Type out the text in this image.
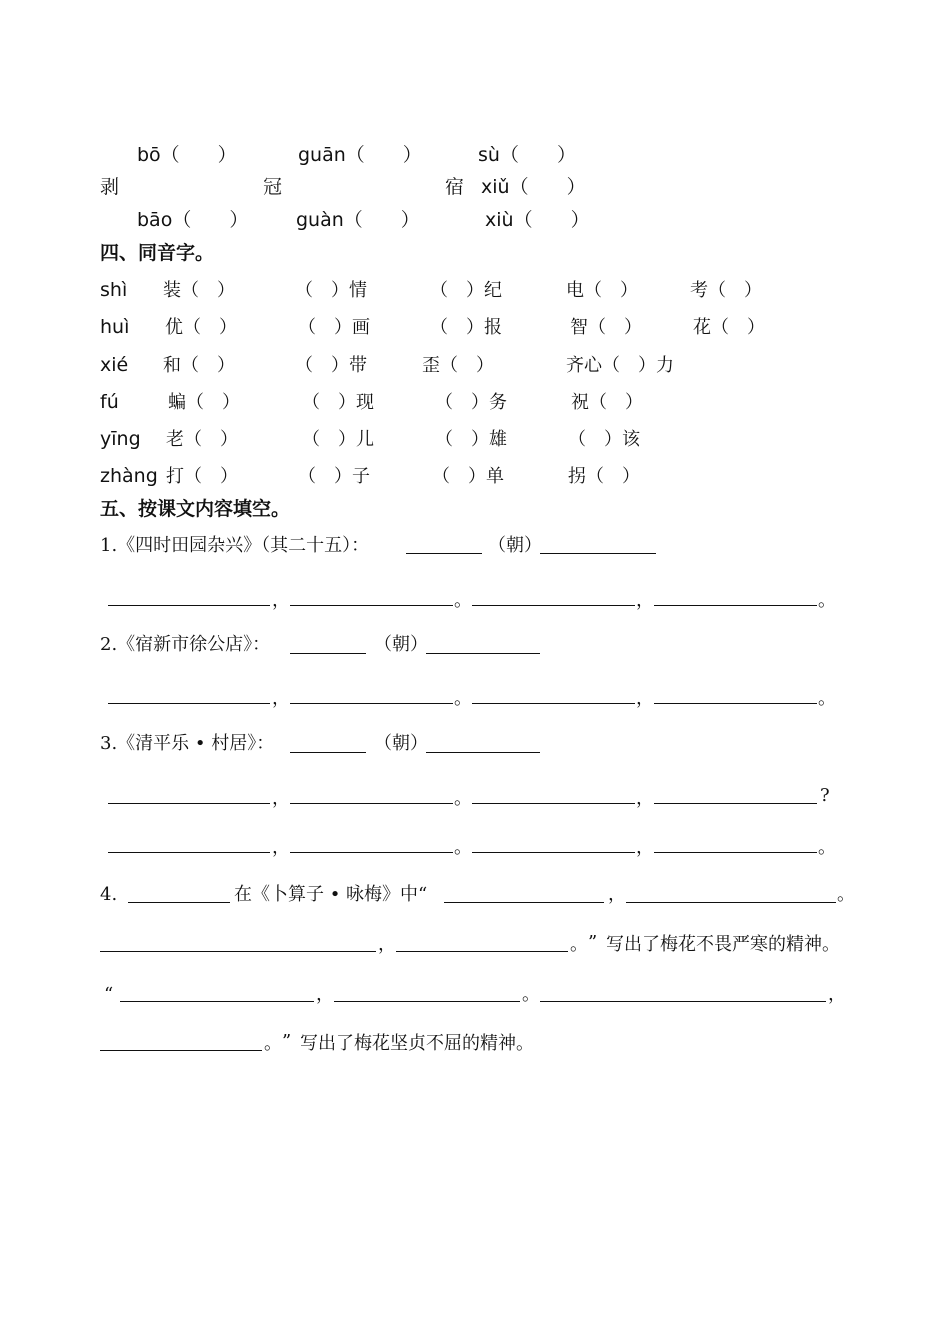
bō（　　）	guān（　　）	sù（　　）
剥	冠	宿 xiǔ（　　）
bāo（　　）	guàn（　　）	xiù（　　）
四、同音字。
shì 装（　）	（　）情	（　）纪	电（　）	考（　）
huì 优（　）	（　）画	（　）报	智（　）	花（　）
xié 和（　）	（　）带	歪（　）	齐心（　）力
fú	蝙（　）	（　）现	（　）务	祝（　）
yīng 老（　）	（　）儿	（　）雄	（　）该
zhàng 打（　）	（　）子	（　）单	拐（　）
五、按课文内容填空。
1.《四时田园杂兴》（其二十五）：	（朝）
，	。	，	。
2.《宿新市徐公店》：	（朝）
，	。	，	。
3.《清平乐 • 村居》：	（朝）
，	。	，	?
，	。	，	。
4.	在《卜算子 • 咏梅》中“	，	。
，	。 ” 写出了梅花不畏严寒的精神。
“	，	。	，
。 ” 写出了梅花坚贞不屈的精神。
